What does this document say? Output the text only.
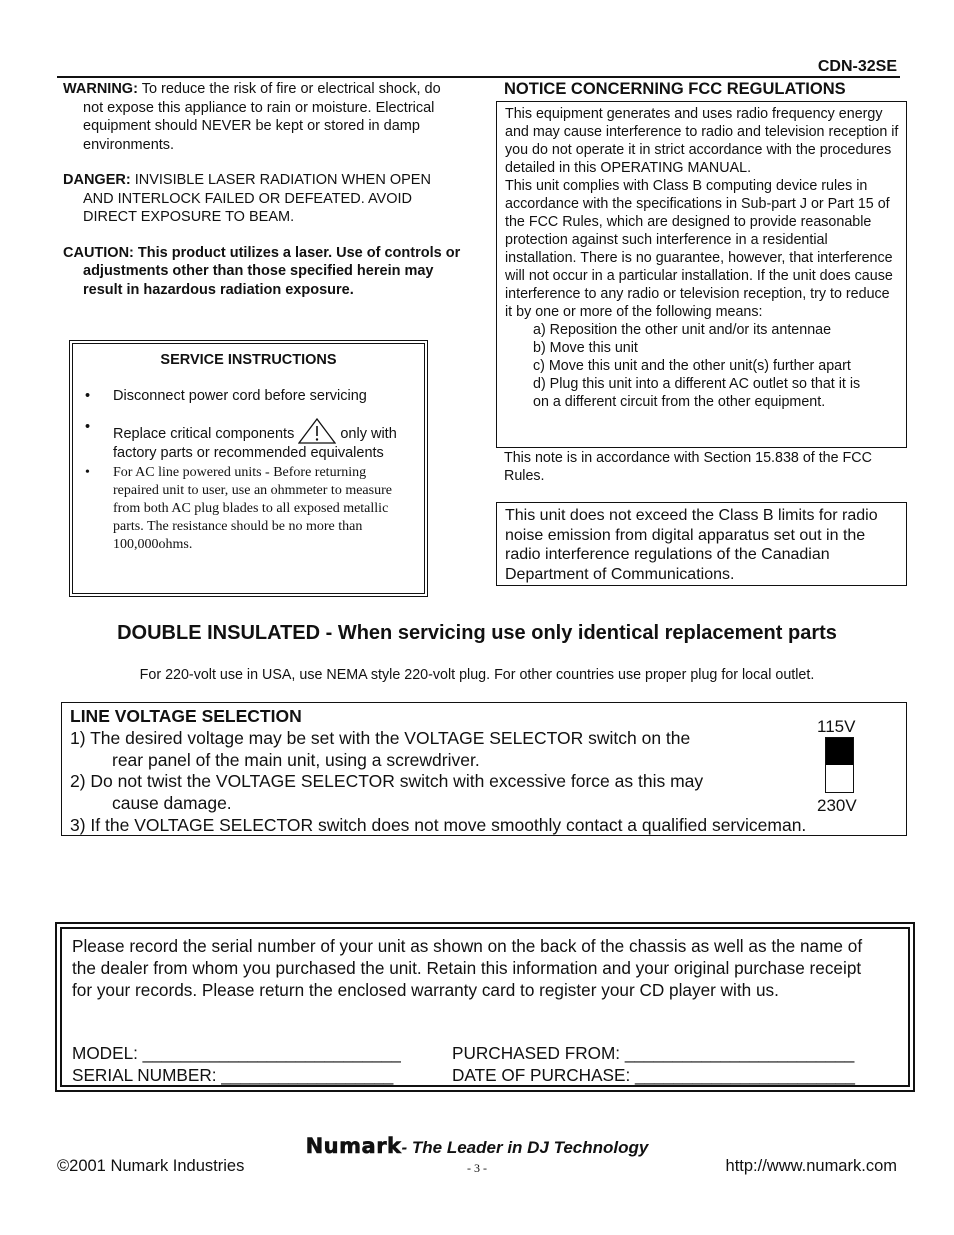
CDN-32SE

WARNING: To reduce the risk of fire or electrical shock, do not expose this appliance to rain or moisture. Electrical equipment should NEVER be kept or stored in damp environments.

DANGER: INVISIBLE LASER RADIATION WHEN OPEN AND INTERLOCK FAILED OR DEFEATED. AVOID DIRECT EXPOSURE TO BEAM.

CAUTION: This product utilizes a laser. Use of controls or adjustments other than those specified herein may result in hazardous radiation exposure.

SERVICE INSTRUCTIONS
• Disconnect power cord before servicing
• Replace critical components	only with factory parts or recommended equivalents
• For AC line powered units - Before returning repaired unit to user, use an ohmmeter to measure from both AC plug blades to all exposed metallic parts. The resistance should be no more than 100,000ohms.
NOTICE CONCERNING FCC REGULATIONS

This equipment generates and uses radio frequency energy and may cause interference to radio and television reception if you do not operate it in strict accordance with the procedures detailed in this OPERATING MANUAL.

This unit complies with Class B computing device rules in accordance with the specifications in Sub-part J or Part 15 of the FCC Rules, which are designed to provide reasonable protection against such interference in a residential installation. There is no guarantee, however, that interference will not occur in a particular installation. If the unit does cause interference to any radio or television reception, try to reduce it by one or more of the following means:

a) Reposition the other unit and/or its antennae

b) Move this unit

c) Move this unit and the other unit(s) further apart

d) Plug this unit into a different AC outlet so that it is

on a different circuit from the other equipment.

This note is in accordance with Section 15.838 of the FCC Rules.
This unit does not exceed the Class B limits for radio noise emission from digital apparatus set out in the radio interference regulations of the Canadian Department of Communications.
DOUBLE INSULATED - When servicing use only identical replacement parts
For 220-volt use in USA, use NEMA style 220-volt plug. For other countries use proper plug for local outlet.

LINE VOLTAGE SELECTION

1) The desired voltage may be set with the VOLTAGE SELECTOR switch on the

rear panel of the main unit, using a screwdriver.

2) Do not twist the VOLTAGE SELECTOR switch with excessive force as this may

cause damage.

3) If the VOLTAGE SELECTOR switch does not move smoothly contact a qualified serviceman.

115V
230V
Please record the serial number of your unit as shown on the back of the chassis as well as the name of the dealer from whom you purchased the unit. Retain this information and your original purchase receipt for your records. Please return the enclosed warranty card to register your CD player with us.
MODEL: ___________________________	PURCHASED FROM: ________________________
SERIAL NUMBER: __________________	DATE OF PURCHASE: _______________________
Numark- The Leader in DJ Technology
©2001 Numark Industries	- 3 -	http://www.numark.com
